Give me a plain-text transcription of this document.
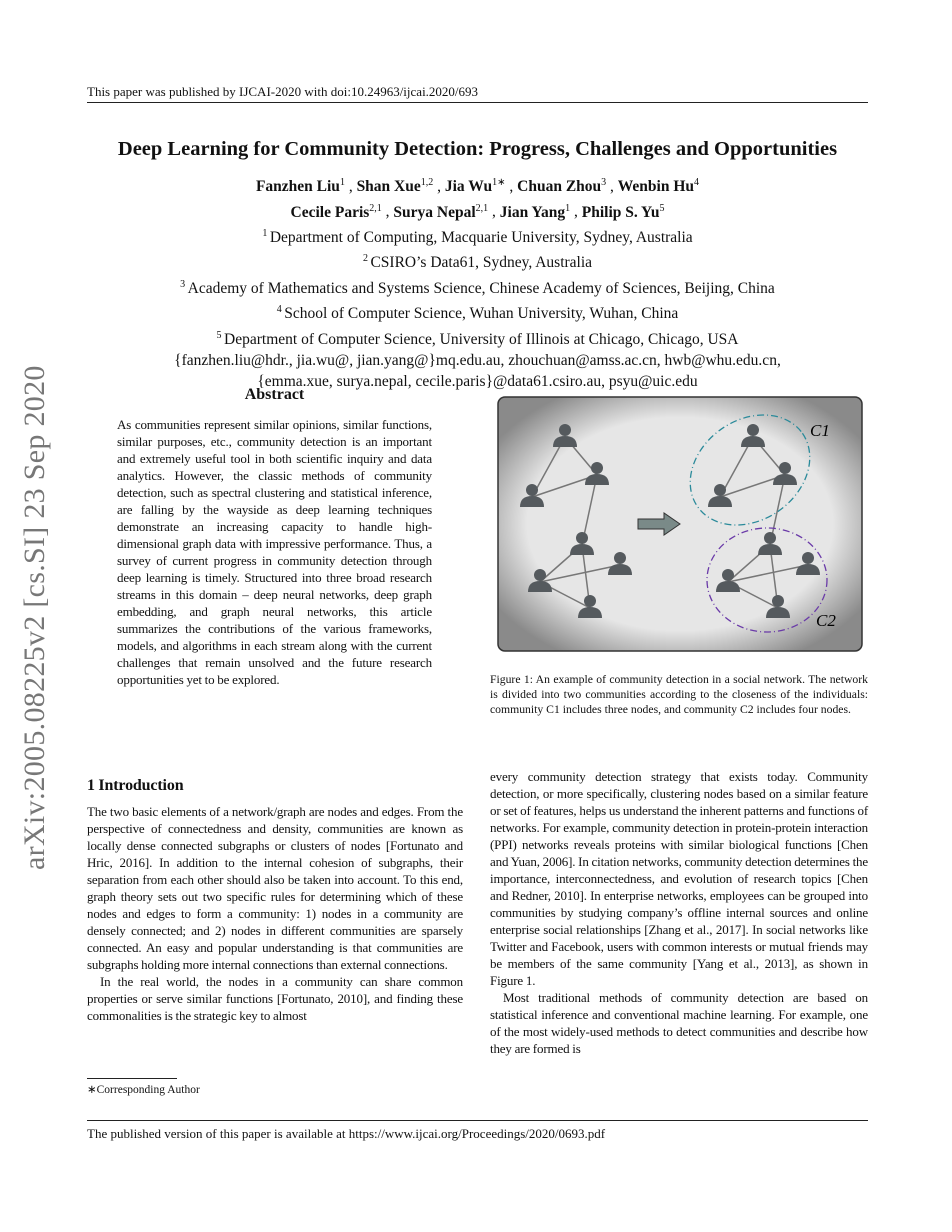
This paper was published by IJCAI-2020 with doi:10.24963/ijcai.2020/693
Deep Learning for Community Detection: Progress, Challenges and Opportunities
Fanzhen Liu$^1$ , Shan Xue$^{1,2}$ , Jia $Wu^{1∗}$ , Chuan Zhou$^3$ , Wenbin Hu$^4$
Cecile Paris$^{2,1}$ , Surya Nepal$^{2,1}$ , Jian Yang$^1$ , Philip S. Yu$^5$
$^1$ Department of Computing, Macquarie University, Sydney, Australia
$^2$ CSIRO’s Data61, Sydney, Australia
$^3$ Academy of Mathematics and Systems Science, Chinese Academy of Sciences, Beijing, China
$^4$ School of Computer Science, Wuhan University, Wuhan, China
$^5$ Department of Computer Science, University of Illinois at Chicago, Chicago, USA
{fanzhen.liu@hdr., jia.wu@, jian.yang@}mq.edu.au, zhouchuan@amss.ac.cn, hwb@whu.edu.cn,
{emma.xue, surya.nepal, cecile.paris}@data61.csiro.au, psyu@uic.edu
arXiv:2005.08225v2 [cs.SI] 23 Sep 2020	Abstract

As communities represent similar opinions, similar functions, similar purposes, etc., community detection is an important and extremely useful tool in both scientific inquiry and data analytics. However, the classic methods of community detection, such as spectral clustering and statistical inference, are falling by the wayside as deep learning techniques demonstrate an increasing capacity to handle high-dimensional graph data with impressive performance. Thus, a survey of current progress in community detection through deep learning is timely. Structured into three broad research streams in this domain – deep neural networks, deep graph embedding, and graph neural networks, this article summarizes the contributions of the various frameworks, models, and algorithms in each stream along with the current challenges that remain unsolved and the future research opportunities yet to be explored.

C1
C2
Figure 1: An example of community detection in a social network. The network is divided into two communities according to the closeness of the individuals: community C1 includes three nodes, and community C2 includes four nodes.
1 Introduction

The two basic elements of a network/graph are nodes and edges. From the perspective of connectedness and density, communities are known as locally dense connected subgraphs or clusters of nodes [Fortunato and Hric, 2016]. In addition to the internal cohesion of subgraphs, their separation from each other should also be taken into account. To this end, graph theory sets out two specific rules for determining which of these nodes and edges to form a community: 1) nodes in a community are densely connected; and 2) nodes in different communities are sparsely connected. An easy and popular understanding is that communities are subgraphs holding more internal connections than external connections.

In the real world, the nodes in a community can share common properties or serve similar functions [Fortunato, 2010], and finding these commonalities is the strategic key to almost

every community detection strategy that exists today. Community detection, or more specifically, clustering nodes based on a similar feature or set of features, helps us understand the inherent patterns and functions of networks. For example, community detection in protein-protein interaction (PPI) networks reveals proteins with similar biological functions [Chen and Yuan, 2006]. In citation networks, community detection determines the importance, interconnectedness, and evolution of research topics [Chen and Redner, 2010]. In enterprise networks, employees can be grouped into communities by studying company’s offline internal sources and online enterprise social relationships [Zhang et al., 2017]. In social networks like Twitter and Facebook, users with common interests or mutual friends may be members of the same community [Yang et al., 2013], as shown in Figure 1.

Most traditional methods of community detection are based on statistical inference and conventional machine learning. For example, one of the most widely-used methods to detect communities and describe how they are formed is

∗Corresponding Author
The published version of this paper is available at https://www.ijcai.org/Proceedings/2020/0693.pdf
